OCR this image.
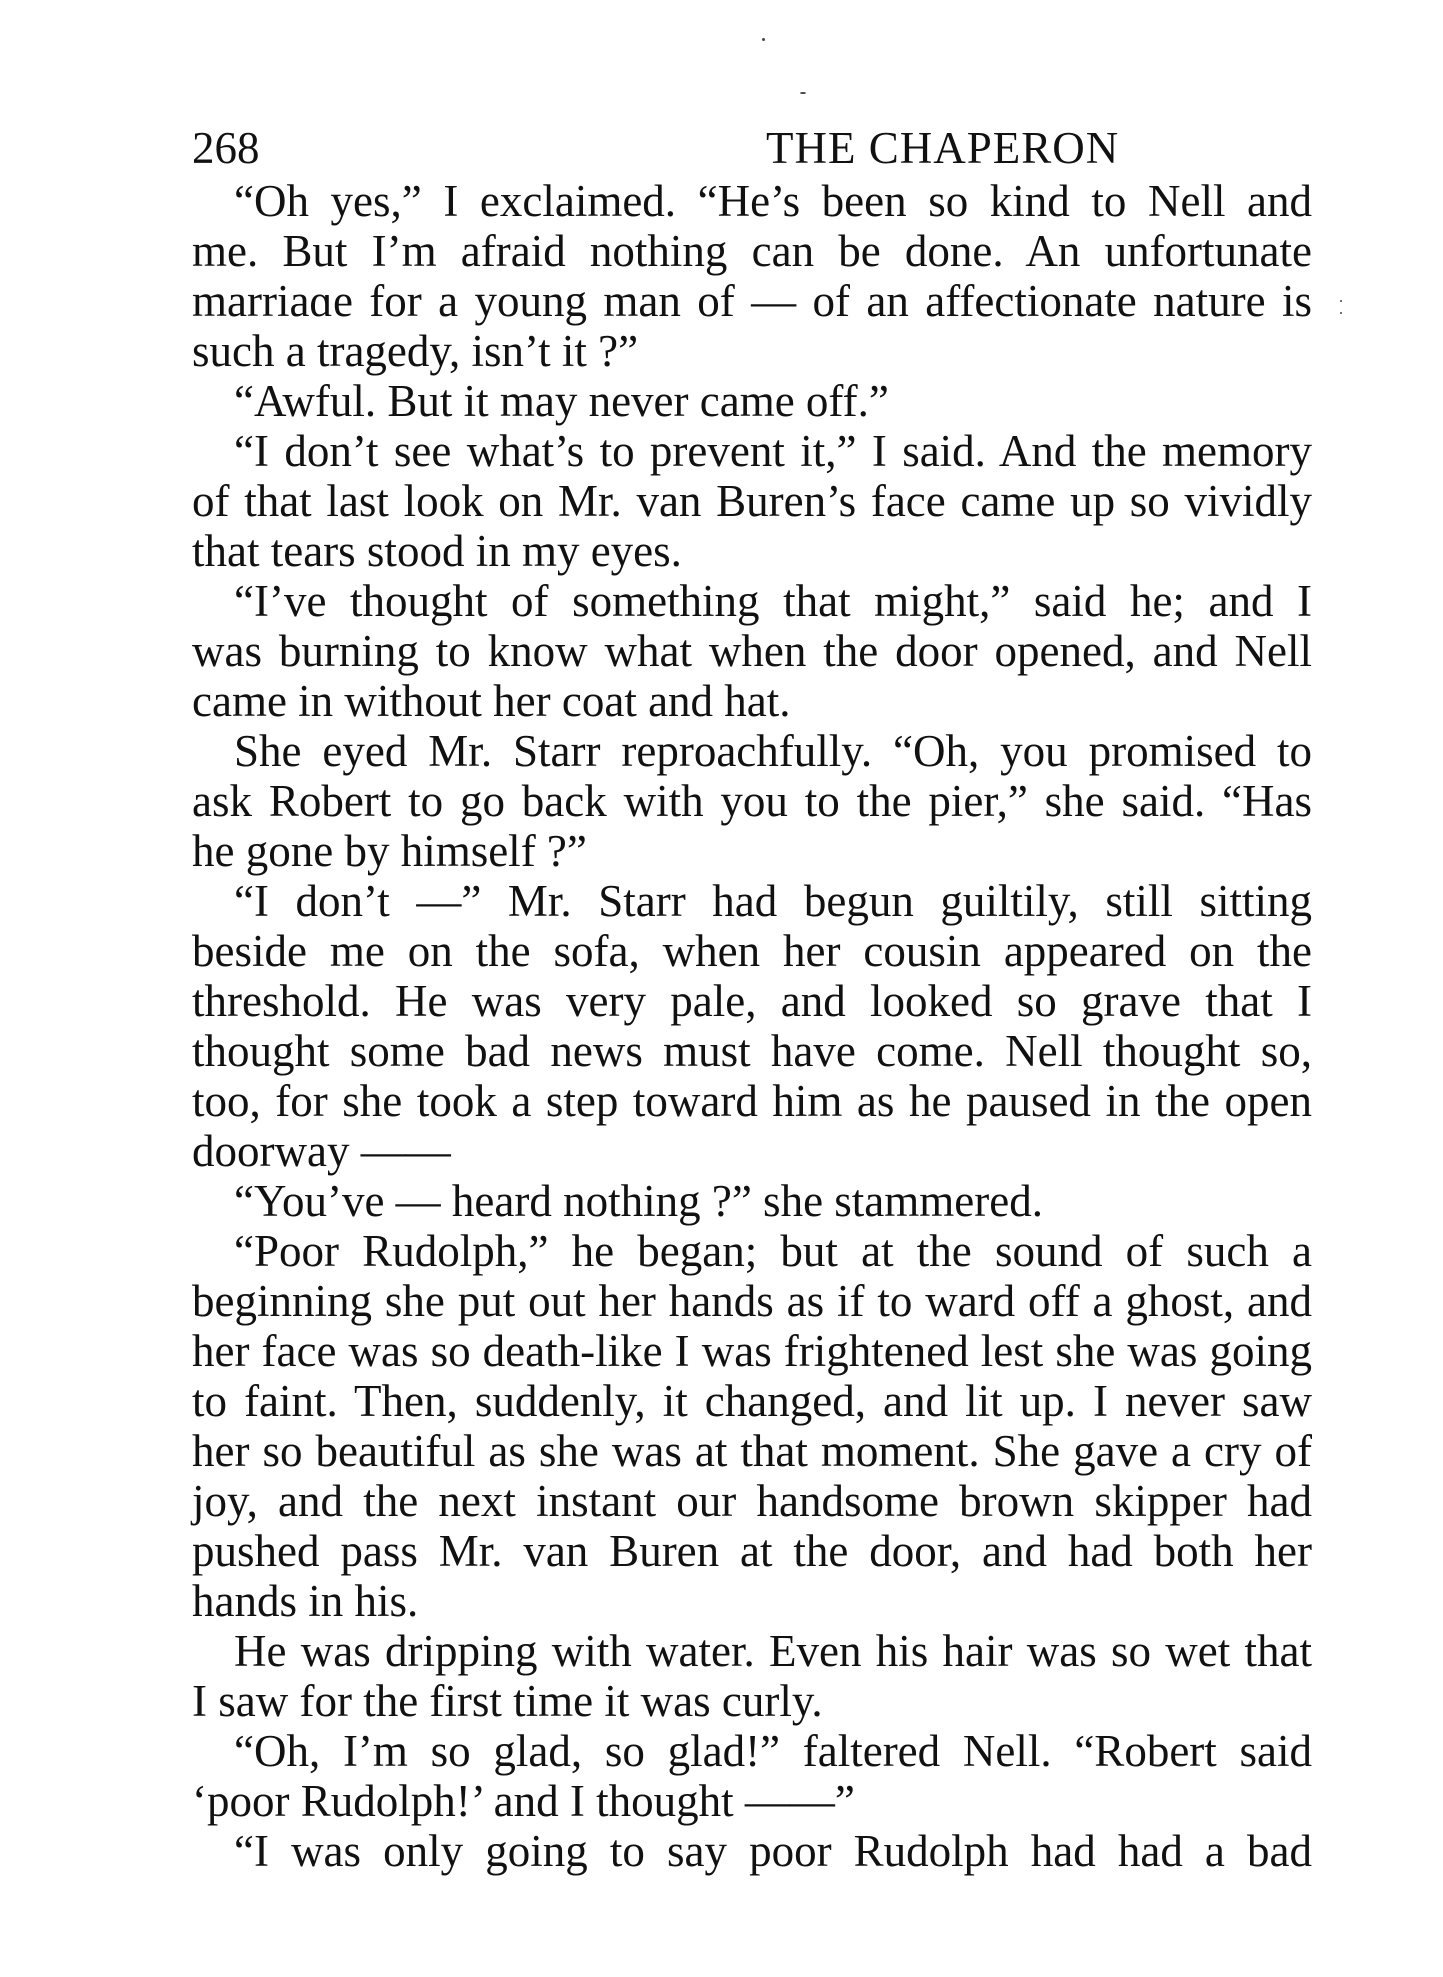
268	THE CHAPERON
“Oh yes,” I exclaimed. “He’s been so kind to Nell and
me. But I’m afraid nothing can be done. An unfortunate
marriaɑe for a young man of — of an affectionate nature is
such a tragedy, isn’t it ?”
“Awful. But it may never came off.”
“I don’t see what’s to prevent it,” I said. And the memory
of that last look on Mr. van Buren’s face came up so vividly
that tears stood in my eyes.
“I’ve thought of something that might,” said he; and I
was burning to know what when the door opened, and Nell
came in without her coat and hat.
She eyed Mr. Starr reproachfully. “Oh, you promised to
ask Robert to go back with you to the pier,” she said. “Has
he gone by himself ?”
“I don’t —” Mr. Starr had begun guiltily, still sitting
beside me on the sofa, when her cousin appeared on the
threshold. He was very pale, and looked so grave that I
thought some bad news must have come. Nell thought so,
too, for she took a step toward him as he paused in the open
doorway ——
“You’ve — heard nothing ?” she stammered.
“Poor Rudolph,” he began; but at the sound of such a
beginning she put out her hands as if to ward off a ghost, and
her face was so death-like I was frightened lest she was going
to faint. Then, suddenly, it changed, and lit up. I never saw
her so beautiful as she was at that moment. She gave a cry of
joy, and the next instant our handsome brown skipper had
pushed pass Mr. van Buren at the door, and had both her
hands in his.
He was dripping with water. Even his hair was so wet that
I saw for the first time it was curly.
“Oh, I’m so glad, so glad!” faltered Nell. “Robert said
‘poor Rudolph!’ and I thought ——”
“I was only going to say poor Rudolph had had a bad
